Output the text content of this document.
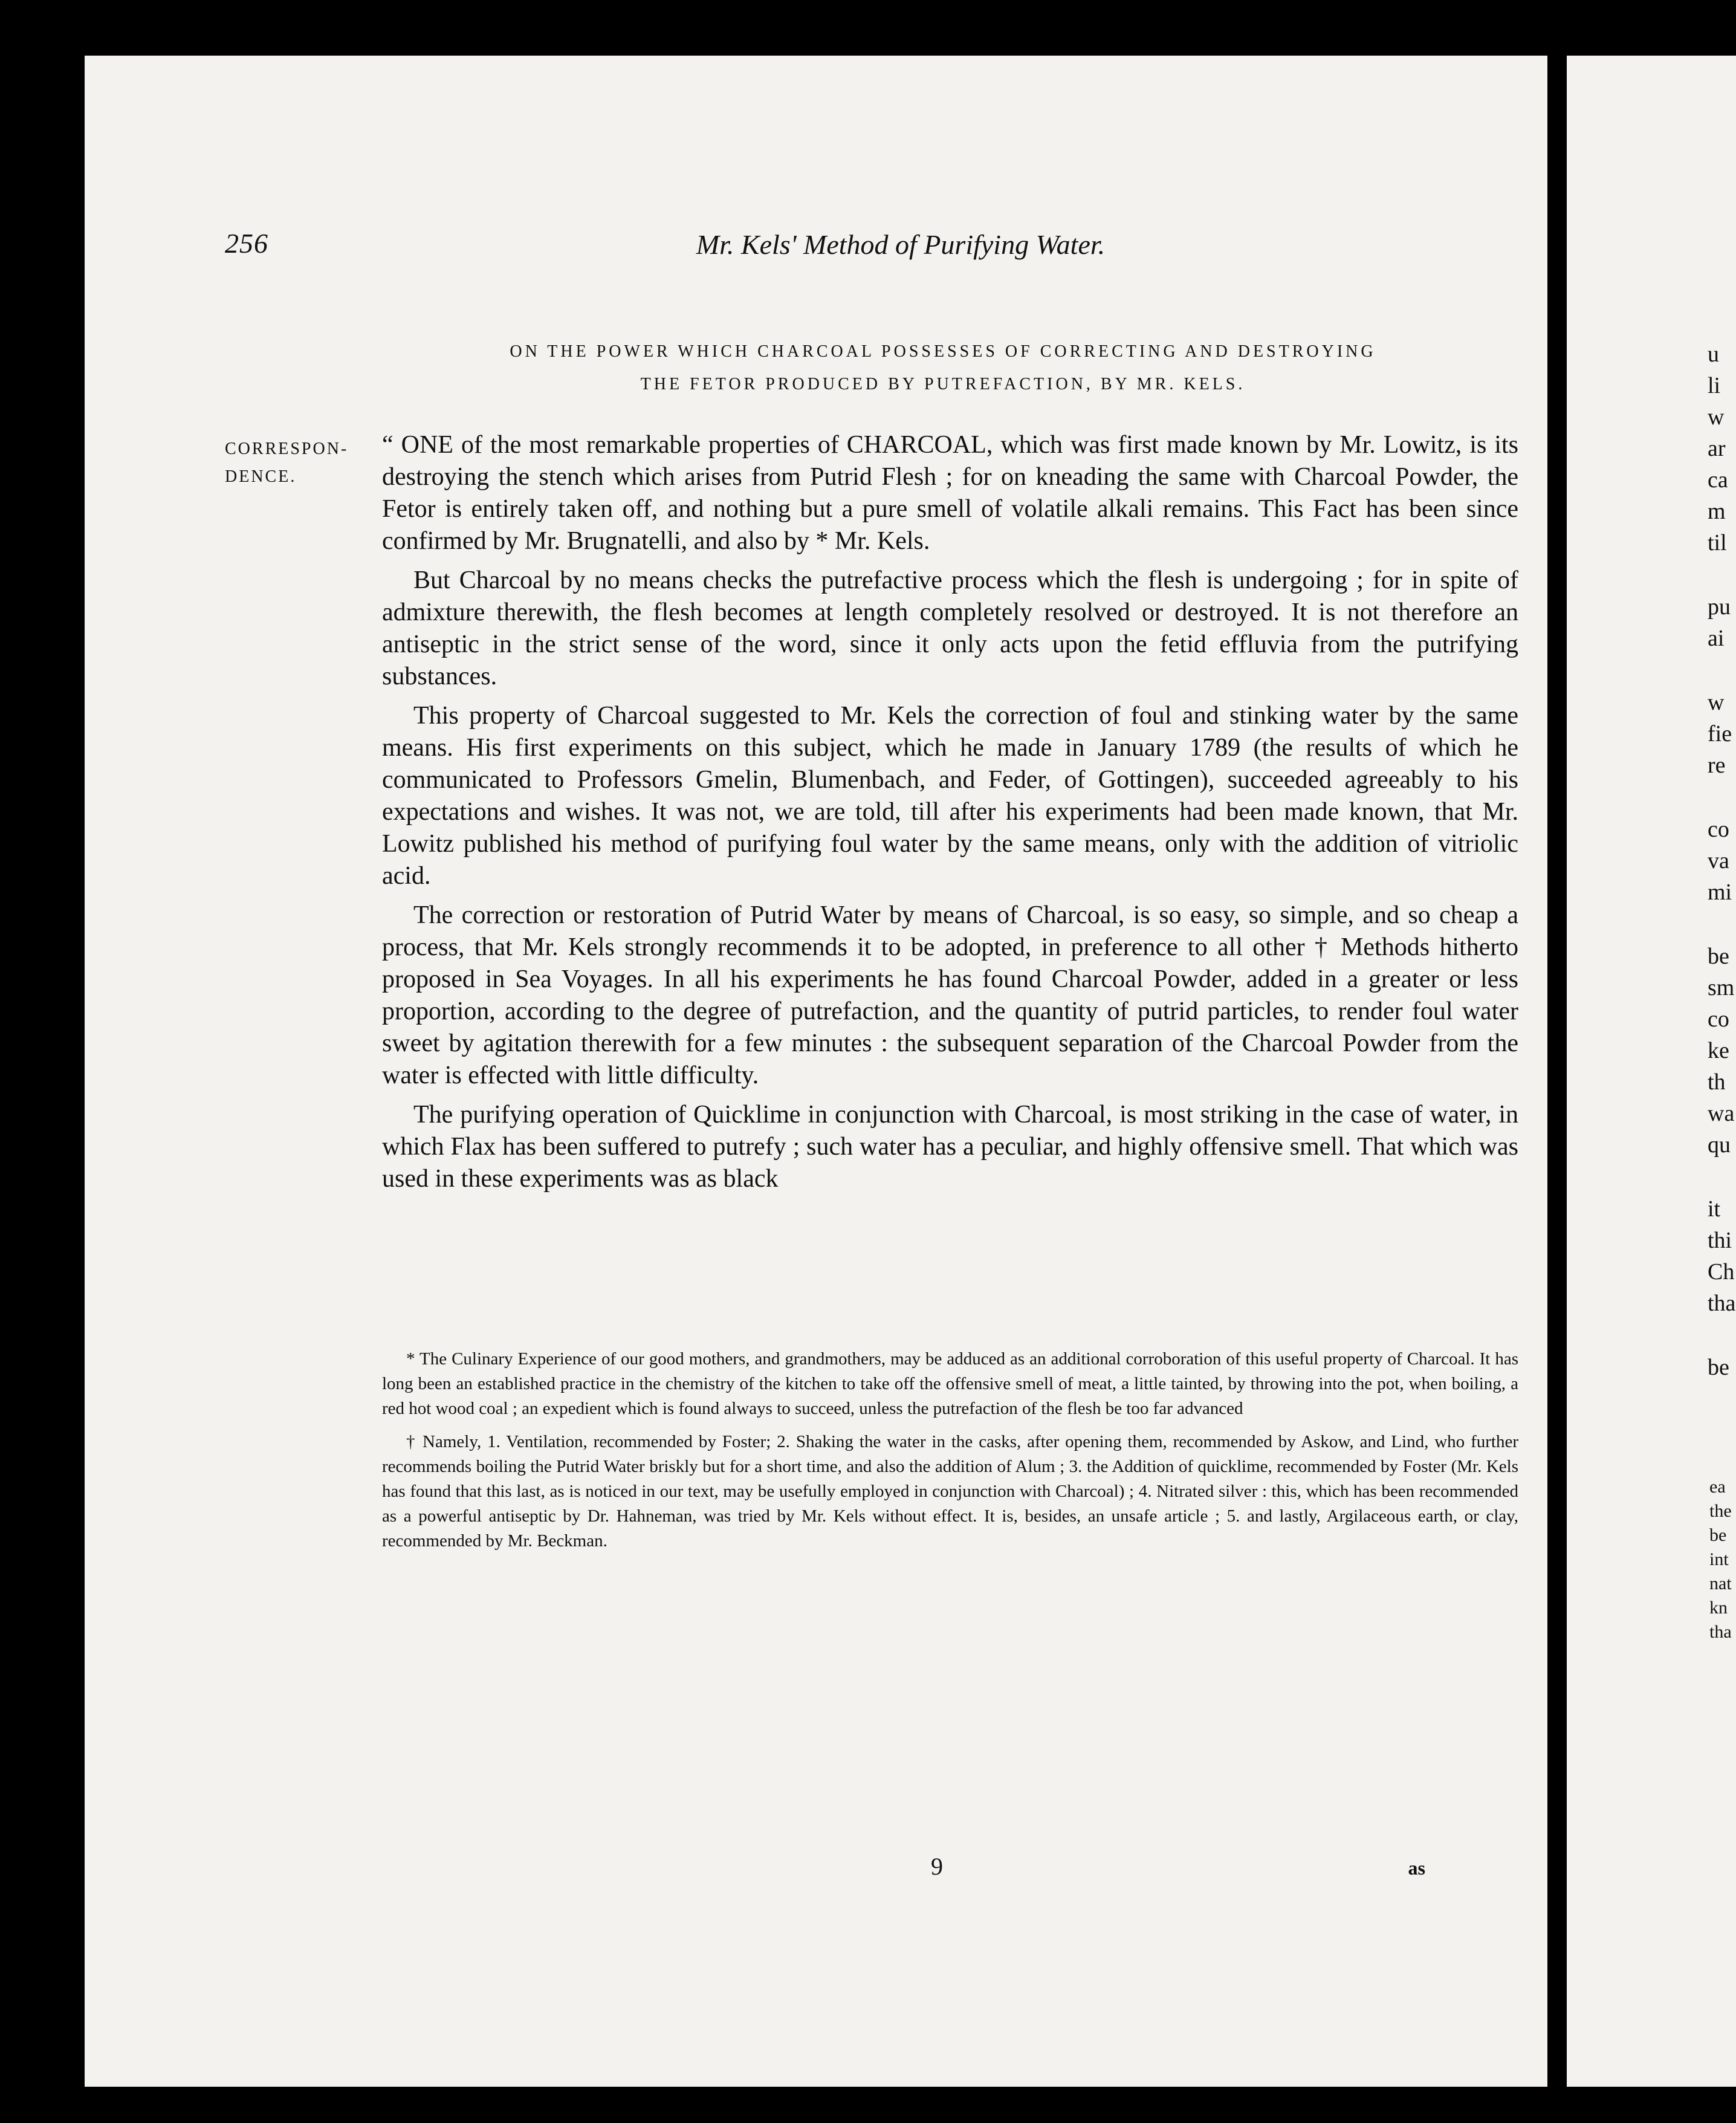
256	Mr. Kels' Method of Purifying Water.
ON THE POWER WHICH CHARCOAL POSSESSES OF CORRECTING AND DESTROYING
THE FETOR PRODUCED BY PUTREFACTION, BY MR. KELS.
CORRESPON-
DENCE.

“ ONE of the most remarkable properties of CHARCOAL, which was first made known by Mr. Lowitz, is its destroying the stench which arises from Putrid Flesh ; for on kneading the same with Charcoal Powder, the Fetor is entirely taken off, and nothing but a pure smell of volatile alkali remains. This Fact has been since confirmed by Mr. Brugnatelli, and also by * Mr. Kels.

But Charcoal by no means checks the putrefactive process which the flesh is undergoing ; for in spite of admixture therewith, the flesh becomes at length completely resolved or destroyed. It is not therefore an antiseptic in the strict sense of the word, since it only acts upon the fetid effluvia from the putrifying substances.

This property of Charcoal suggested to Mr. Kels the correction of foul and stinking water by the same means. His first experiments on this subject, which he made in January 1789 (the results of which he communicated to Professors Gmelin, Blumenbach, and Feder, of Gottingen), succeeded agreeably to his expectations and wishes. It was not, we are told, till after his experiments had been made known, that Mr. Lowitz published his method of purifying foul water by the same means, only with the addition of vitriolic acid.

The correction or restoration of Putrid Water by means of Charcoal, is so easy, so simple, and so cheap a process, that Mr. Kels strongly recommends it to be adopted, in preference to all other † Methods hitherto proposed in Sea Voyages. In all his experiments he has found Charcoal Powder, added in a greater or less proportion, according to the degree of putrefaction, and the quantity of putrid particles, to render foul water sweet by agitation therewith for a few minutes : the subsequent separation of the Charcoal Powder from the water is effected with little difficulty.

The purifying operation of Quicklime in conjunction with Charcoal, is most striking in the case of water, in which Flax has been suffered to putrefy ; such water has a peculiar, and highly offensive smell. That which was used in these experiments was as black

* The Culinary Experience of our good mothers, and grandmothers, may be adduced as an additional corroboration of this useful property of Charcoal. It has long been an established practice in the chemistry of the kitchen to take off the offensive smell of meat, a little tainted, by throwing into the pot, when boiling, a red hot wood coal ; an expedient which is found always to succeed, unless the putrefaction of the flesh be too far advanced

† Namely, 1. Ventilation, recommended by Foster; 2. Shaking the water in the casks, after opening them, recommended by Askow, and Lind, who further recommends boiling the Putrid Water briskly but for a short time, and also the addition of Alum ; 3. the Addition of quicklime, recommended by Foster (Mr. Kels has found that this last, as is noticed in our text, may be usefully employed in conjunction with Charcoal) ; 4. Nitrated silver : this, which has been recommended as a powerful antiseptic by Dr. Hahneman, was tried by Mr. Kels without effect. It is, besides, an unsafe article ; 5. and lastly, Argilaceous earth, or clay, recommended by Mr. Beckman.

9	as
u
li
w
ar
ca
m
til
pu
ai
w
fie
re
co
va
mi
be
sm
co
ke
th
wa
qu
it
thi
Ch
tha
be
ea
the
be
int
nat
kn
tha
